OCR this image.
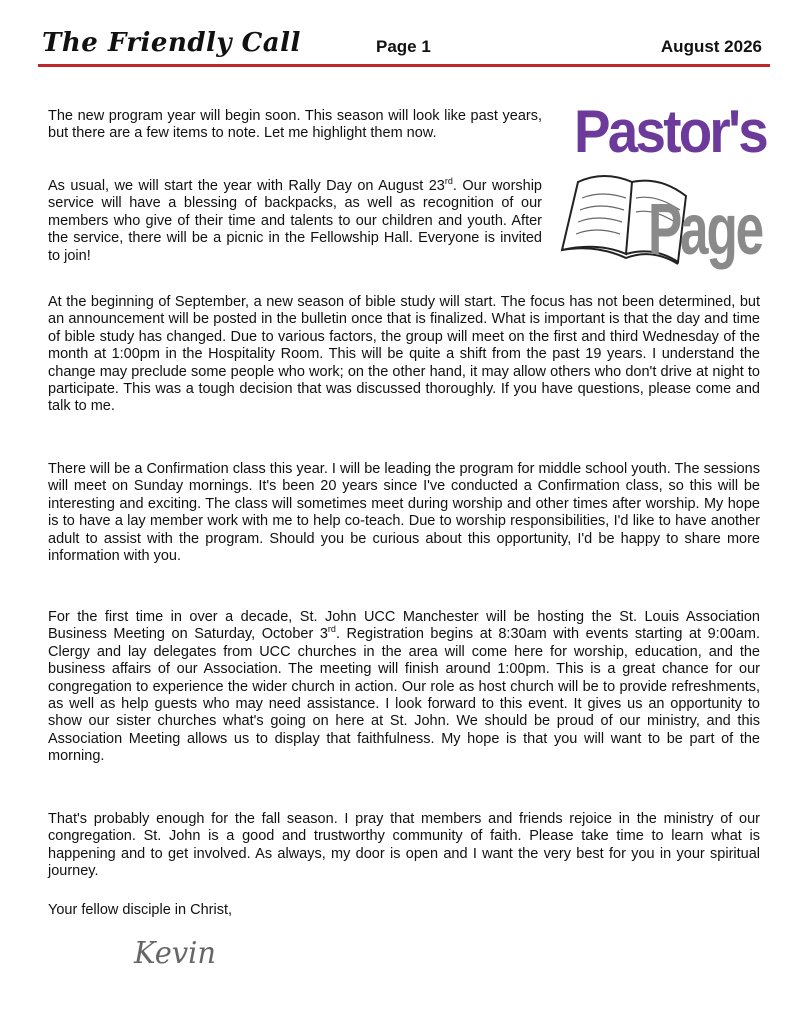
The Friendly Call	Page 1	August 2026
Pastor's
Page

The new program year will begin soon. This season will look like past years, but there are a few items to note. Let me highlight them now.

As usual, we will start the year with Rally Day on August 23rd. Our worship service will have a blessing of backpacks, as well as recognition of our members who give of their time and talents to our children and youth. After the service, there will be a picnic in the Fellowship Hall. Everyone is invited to join!

At the beginning of September, a new season of bible study will start. The focus has not been determined, but an announcement will be posted in the bulletin once that is finalized. What is important is that the day and time of bible study has changed. Due to various factors, the group will meet on the first and third Wednesday of the month at 1:00pm in the Hospitality Room. This will be quite a shift from the past 19 years. I understand the change may preclude some people who work; on the other hand, it may allow others who don't drive at night to participate. This was a tough decision that was discussed thoroughly. If you have questions, please come and talk to me.

There will be a Confirmation class this year. I will be leading the program for middle school youth. The sessions will meet on Sunday mornings. It's been 20 years since I've conducted a Confirmation class, so this will be interesting and exciting. The class will sometimes meet during worship and other times after worship. My hope is to have a lay member work with me to help co-teach. Due to worship responsibilities, I'd like to have another adult to assist with the program. Should you be curious about this opportunity, I'd be happy to share more information with you.

For the first time in over a decade, St. John UCC Manchester will be hosting the St. Louis Association Business Meeting on Saturday, October 3rd. Registration begins at 8:30am with events starting at 9:00am. Clergy and lay delegates from UCC churches in the area will come here for worship, education, and the business affairs of our Association. The meeting will finish around 1:00pm. This is a great chance for our congregation to experience the wider church in action. Our role as host church will be to provide refreshments, as well as help guests who may need assistance. I look forward to this event. It gives us an opportunity to show our sister churches what's going on here at St. John. We should be proud of our ministry, and this Association Meeting allows us to display that faithfulness. My hope is that you will want to be part of the morning.

That's probably enough for the fall season. I pray that members and friends rejoice in the ministry of our congregation. St. John is a good and trustworthy community of faith. Please take time to learn what is happening and to get involved. As always, my door is open and I want the very best for you in your spiritual journey.

Your fellow disciple in Christ,
Kevin
